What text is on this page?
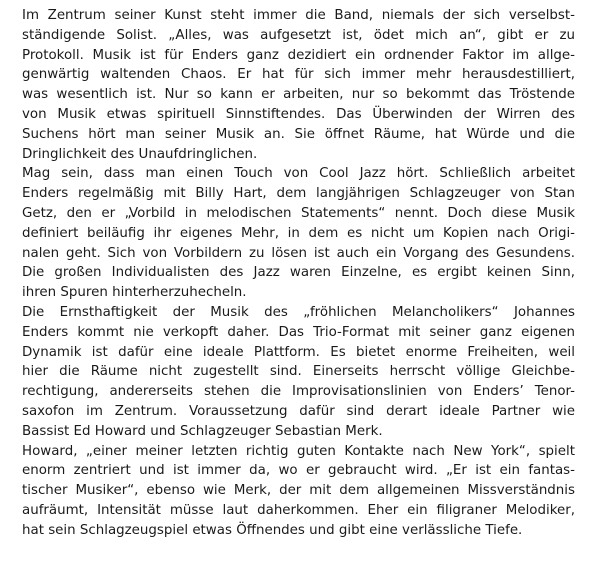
Im Zentrum seiner Kunst steht immer die Band, niemals der sich verselbst-
ständigende Solist. „Alles, was aufgesetzt ist, ödet mich an“, gibt er zu
Protokoll. Musik ist für Enders ganz dezidiert ein ordnender Faktor im allge-
genwärtig waltenden Chaos. Er hat für sich immer mehr herausdestilliert,
was wesentlich ist. Nur so kann er arbeiten, nur so bekommt das Tröstende
von Musik etwas spirituell Sinnstiftendes. Das Überwinden der Wirren des
Suchens hört man seiner Musik an. Sie öffnet Räume, hat Würde und die
Dringlichkeit des Unaufdringlichen.
Mag sein, dass man einen Touch von Cool Jazz hört. Schließlich arbeitet
Enders regelmäßig mit Billy Hart, dem langjährigen Schlagzeuger von Stan
Getz, den er „Vorbild in melodischen Statements“ nennt. Doch diese Musik
definiert beiläufig ihr eigenes Mehr, in dem es nicht um Kopien nach Origi-
nalen geht. Sich von Vorbildern zu lösen ist auch ein Vorgang des Gesundens.
Die großen Individualisten des Jazz waren Einzelne, es ergibt keinen Sinn,
ihren Spuren hinterherzuhecheln.
Die Ernsthaftigkeit der Musik des „fröhlichen Melancholikers“ Johannes
Enders kommt nie verkopft daher. Das Trio-Format mit seiner ganz eigenen
Dynamik ist dafür eine ideale Plattform. Es bietet enorme Freiheiten, weil
hier die Räume nicht zugestellt sind. Einerseits herrscht völlige Gleichbe-
rechtigung, andererseits stehen die Improvisationslinien von Enders’ Tenor-
saxofon im Zentrum. Voraussetzung dafür sind derart ideale Partner wie
Bassist Ed Howard und Schlagzeuger Sebastian Merk.
Howard, „einer meiner letzten richtig guten Kontakte nach New York“, spielt
enorm zentriert und ist immer da, wo er gebraucht wird. „Er ist ein fantas-
tischer Musiker“, ebenso wie Merk, der mit dem allgemeinen Missverständnis
aufräumt, Intensität müsse laut daherkommen. Eher ein filigraner Melodiker,
hat sein Schlagzeugspiel etwas Öffnendes und gibt eine verlässliche Tiefe.
